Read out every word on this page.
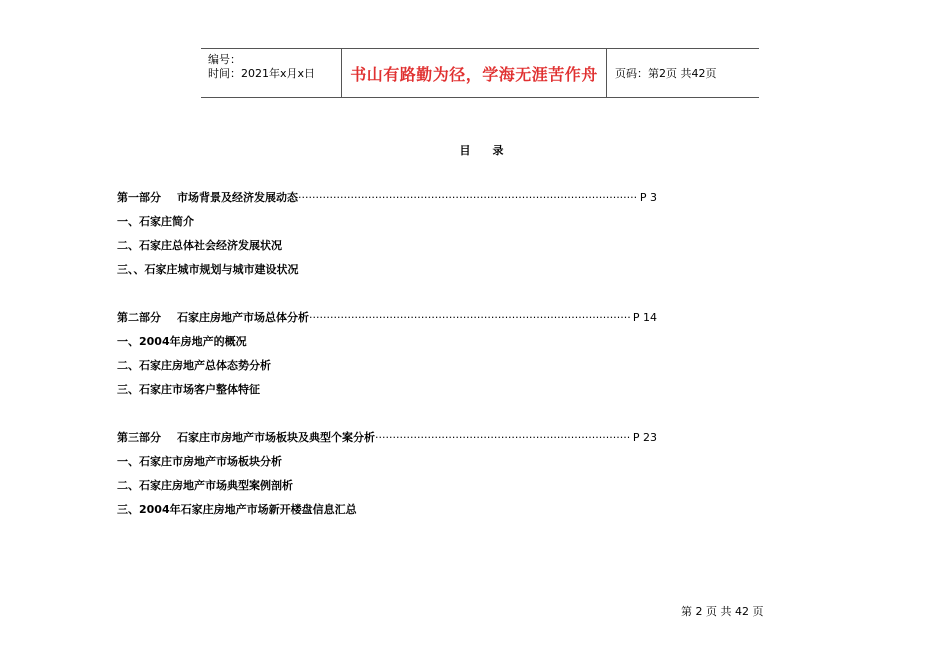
编号：
时间：2021年x月x日	书山有路勤为径，学海无涯苦作舟	页码：第2页 共42页
目录
第一部分 市场背景及经济发展动态 ·····	P 3
一、石家庄简介
二、石家庄总体社会经济发展状况
三、、石家庄城市规划与城市建设状况
第二部分 石家庄房地产市场总体分析 ·····	P 14
一、2004年房地产的概况
二、石家庄房地产总体态势分析
三、石家庄市场客户整体特征
第三部分 石家庄市房地产市场板块及典型个案分析 ·····	P 23
一、石家庄市房地产市场板块分析
二、石家庄房地产市场典型案例剖析
三、2004年石家庄房地产市场新开楼盘信息汇总
第 2 页 共 42 页
